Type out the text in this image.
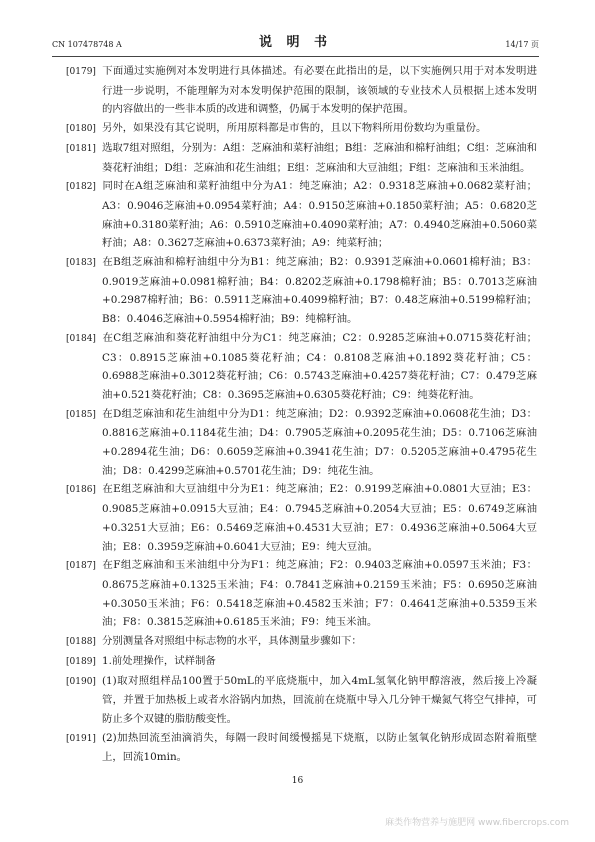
CN 107478748 A	说 明 书	14/17 页

[0179] 下面通过实施例对本发明进行具体描述。有必要在此指出的是，以下实施例只用于对本发明进行进一步说明，不能理解为对本发明保护范围的限制，该领域的专业技术人员根据上述本发明的内容做出的一些非本质的改进和调整，仍属于本发明的保护范围。

[0180] 另外，如果没有其它说明，所用原料都是市售的，且以下物料所用份数均为重量份。

[0181] 选取7组对照组，分别为：A组：芝麻油和菜籽油组；B组：芝麻油和棉籽油组；C组：芝麻油和葵花籽油组；D组：芝麻油和花生油组；E组：芝麻油和大豆油组；F组：芝麻油和玉米油组。

[0182] 同时在A组芝麻油和菜籽油组中分为A1：纯芝麻油；A2：0.9318芝麻油+0.0682菜籽油；A3：0.9046芝麻油+0.0954菜籽油；A4：0.9150芝麻油+0.1850菜籽油；A5：0.6820芝麻油+0.3180菜籽油；A6：0.5910芝麻油+0.4090菜籽油；A7：0.4940芝麻油+0.5060菜籽油；A8：0.3627芝麻油+0.6373菜籽油；A9：纯菜籽油；

[0183] 在B组芝麻油和棉籽油组中分为B1：纯芝麻油；B2：0.9391芝麻油+0.0601棉籽油；B3：0.9019芝麻油+0.0981棉籽油；B4：0.8202芝麻油+0.1798棉籽油；B5：0.7013芝麻油+0.2987棉籽油；B6：0.5911芝麻油+0.4099棉籽油；B7：0.48芝麻油+0.5199棉籽油；B8：0.4046芝麻油+0.5954棉籽油；B9：纯棉籽油。

[0184] 在C组芝麻油和葵花籽油组中分为C1：纯芝麻油；C2：0.9285芝麻油+0.0715葵花籽油；C3：0.8915芝麻油+0.1085葵花籽油；C4：0.8108芝麻油+0.1892葵花籽油；C5：0.6988芝麻油+0.3012葵花籽油；C6：0.5743芝麻油+0.4257葵花籽油；C7：0.479芝麻油+0.521葵花籽油；C8：0.3695芝麻油+0.6305葵花籽油；C9：纯葵花籽油。

[0185] 在D组芝麻油和花生油组中分为D1：纯芝麻油；D2：0.9392芝麻油+0.0608花生油；D3：0.8816芝麻油+0.1184花生油；D4：0.7905芝麻油+0.2095花生油；D5：0.7106芝麻油+0.2894花生油；D6：0.6059芝麻油+0.3941花生油；D7：0.5205芝麻油+0.4795花生油；D8：0.4299芝麻油+0.5701花生油；D9：纯花生油。

[0186] 在E组芝麻油和大豆油组中分为E1：纯芝麻油；E2：0.9199芝麻油+0.0801大豆油；E3：0.9085芝麻油+0.0915大豆油；E4：0.7945芝麻油+0.2054大豆油；E5：0.6749芝麻油+0.3251大豆油；E6：0.5469芝麻油+0.4531大豆油；E7：0.4936芝麻油+0.5064大豆油；E8：0.3959芝麻油+0.6041大豆油；E9：纯大豆油。

[0187] 在F组芝麻油和玉米油组中分为F1：纯芝麻油；F2：0.9403芝麻油+0.0597玉米油；F3：0.8675芝麻油+0.1325玉米油；F4：0.7841芝麻油+0.2159玉米油；F5：0.6950芝麻油+0.3050玉米油；F6：0.5418芝麻油+0.4582玉米油；F7：0.4641芝麻油+0.5359玉米油；F8：0.3815芝麻油+0.6185玉米油；F9：纯玉米油。

[0188] 分别测量各对照组中标志物的水平，具体测量步骤如下：

[0189] 1.前处理操作，试样制备

[0190] (1)取对照组样品100置于50mL的平底烧瓶中，加入4mL氢氧化钠甲醇溶液，然后接上冷凝管，并置于加热板上或者水浴锅内加热，回流前在烧瓶中导入几分钟干燥氮气将空气排掉，可防止多个双键的脂肪酸变性。

[0191] (2)加热回流至油滴消失，每隔一段时间缓慢摇晃下烧瓶，以防止氢氧化钠形成固态附着瓶壁上，回流10min。

16
麻类作物营养与施肥网 www.fibercrops.com
